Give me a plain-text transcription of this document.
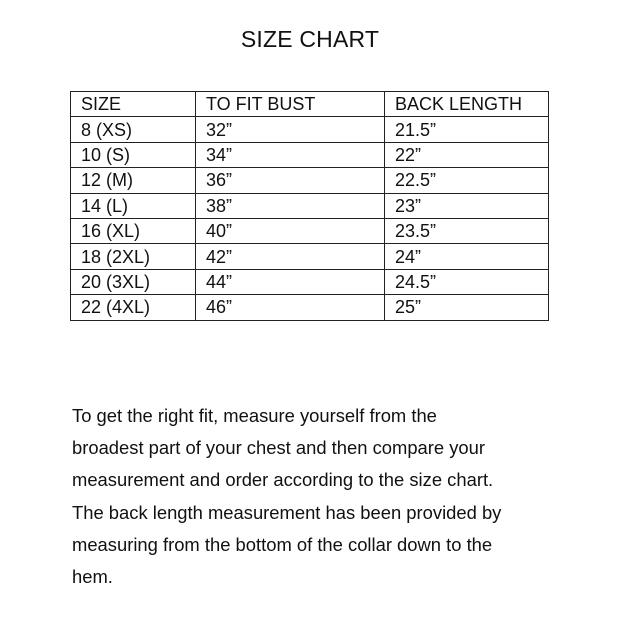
SIZE CHART
SIZE	TO FIT BUST	BACK LENGTH
8 (XS)	32”	21.5”
10 (S)	34”	22”
12 (M)	36”	22.5”
14 (L)	38”	23”
16 (XL)	40”	23.5”
18 (2XL)	42”	24”
20 (3XL)	44”	24.5”
22 (4XL)	46”	25”
To get the right fit, measure yourself from the
broadest part of your chest and then compare your
measurement and order according to the size chart.
The back length measurement has been provided by
measuring from the bottom of the collar down to the
hem.
